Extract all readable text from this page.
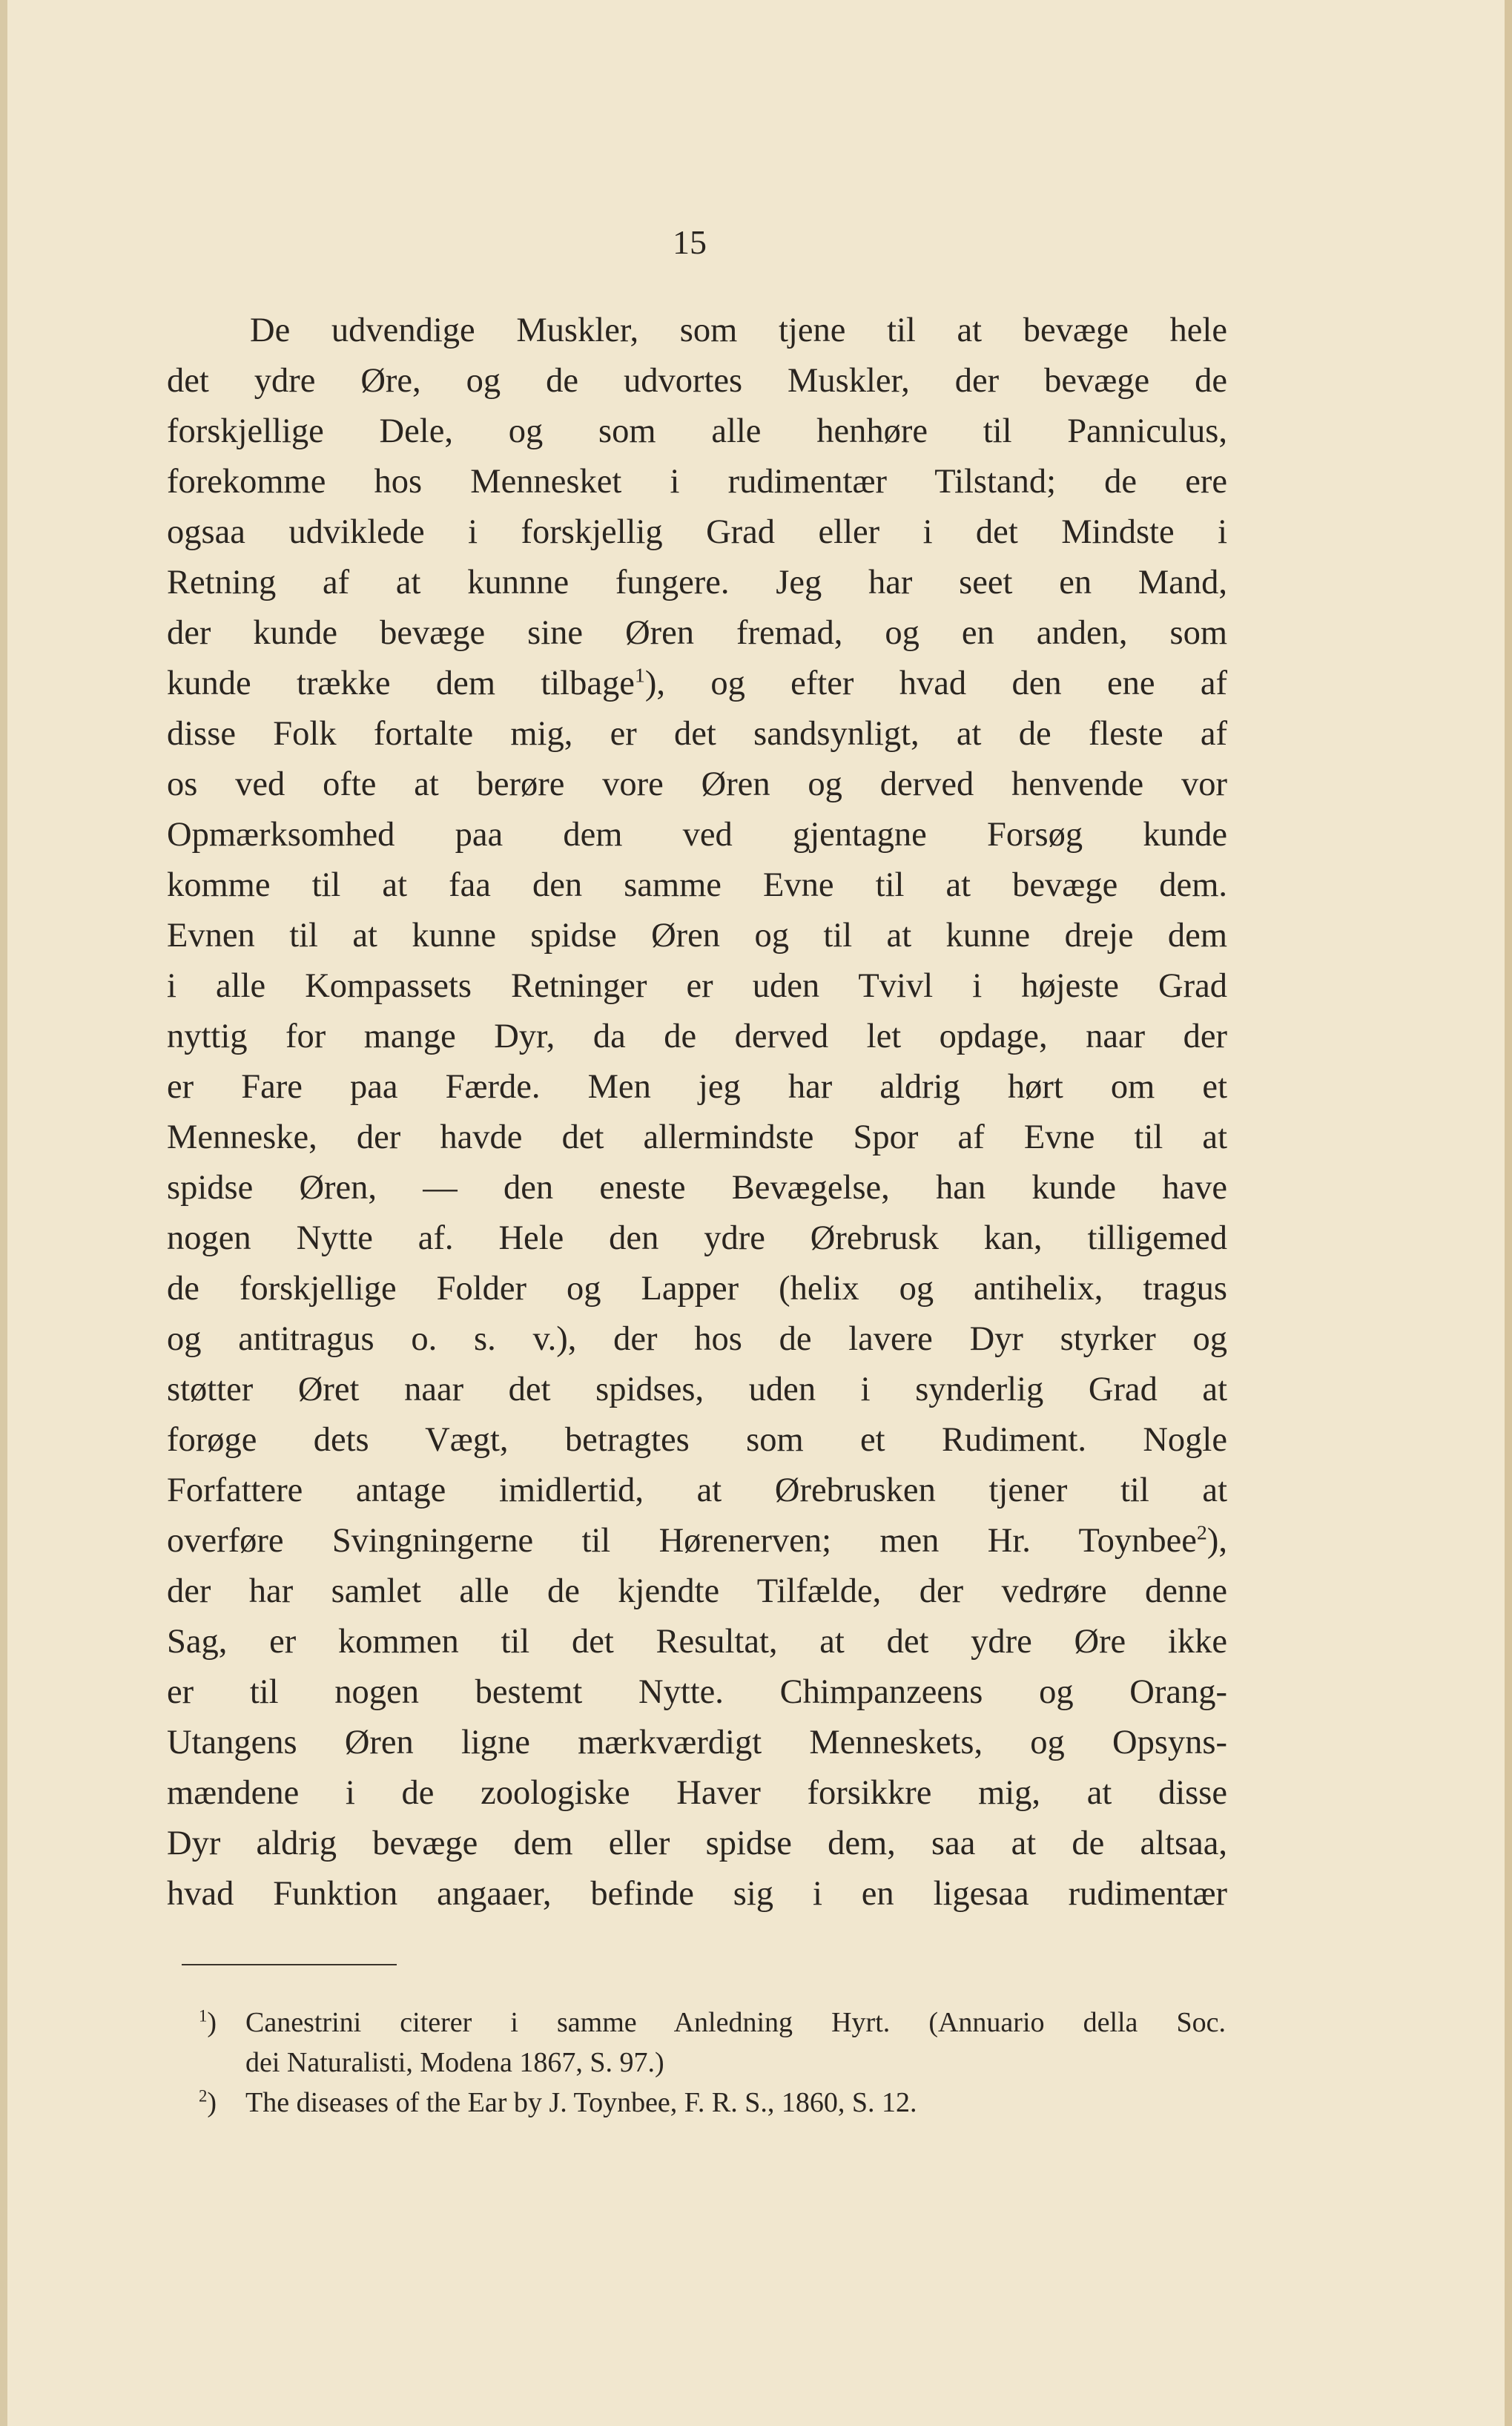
15
De udvendige Muskler, som tjene til at bevæge hele
det ydre Øre, og de udvortes Muskler, der bevæge de
forskjellige Dele, og som alle henhøre til Panniculus,
forekomme hos Mennesket i rudimentær Tilstand; de ere
ogsaa udviklede i forskjellig Grad eller i det Mindste i
Retning af at kunnne fungere. Jeg har seet en Mand,
der kunde bevæge sine Øren fremad, og en anden, som
kunde trække dem tilbage$^1$), og efter hvad den ene af
disse Folk fortalte mig, er det sandsynligt, at de fleste af
os ved ofte at berøre vore Øren og derved henvende vor
Opmærksomhed paa dem ved gjentagne Forsøg kunde
komme til at faa den samme Evne til at bevæge dem.
Evnen til at kunne spidse Øren og til at kunne dreje dem
i alle Kompassets Retninger er uden Tvivl i højeste Grad
nyttig for mange Dyr, da de derved let opdage, naar der
er Fare paa Færde. Men jeg har aldrig hørt om et
Menneske, der havde det allermindste Spor af Evne til at
spidse Øren, — den eneste Bevægelse, han kunde have
nogen Nytte af. Hele den ydre Ørebrusk kan, tilligemed
de forskjellige Folder og Lapper (helix og antihelix, tragus
og antitragus o. s. v.), der hos de lavere Dyr styrker og
støtter Øret naar det spidses, uden i synderlig Grad at
forøge dets Vægt, betragtes som et Rudiment. Nogle
Forfattere antage imidlertid, at Ørebrusken tjener til at
overføre Svingningerne til Hørenerven; men Hr. Toynbee$^2$),
der har samlet alle de kjendte Tilfælde, der vedrøre denne
Sag, er kommen til det Resultat, at det ydre Øre ikke
er til nogen bestemt Nytte. Chimpanzeens og Orang-
Utangens Øren ligne mærkværdigt Menneskets, og Opsyns-
mændene i de zoologiske Haver forsikkre mig, at disse
Dyr aldrig bevæge dem eller spidse dem, saa at de altsaa,
hvad Funktion angaaer, befinde sig i en ligesaa rudimentær
$^1$) Canestrini citerer i samme Anledning Hyrt. (Annuario della Soc.
dei Naturalisti, Modena 1867, S. 97.)
$^2$) The diseases of the Ear by J. Toynbee, F. R. S., 1860, S. 12.
